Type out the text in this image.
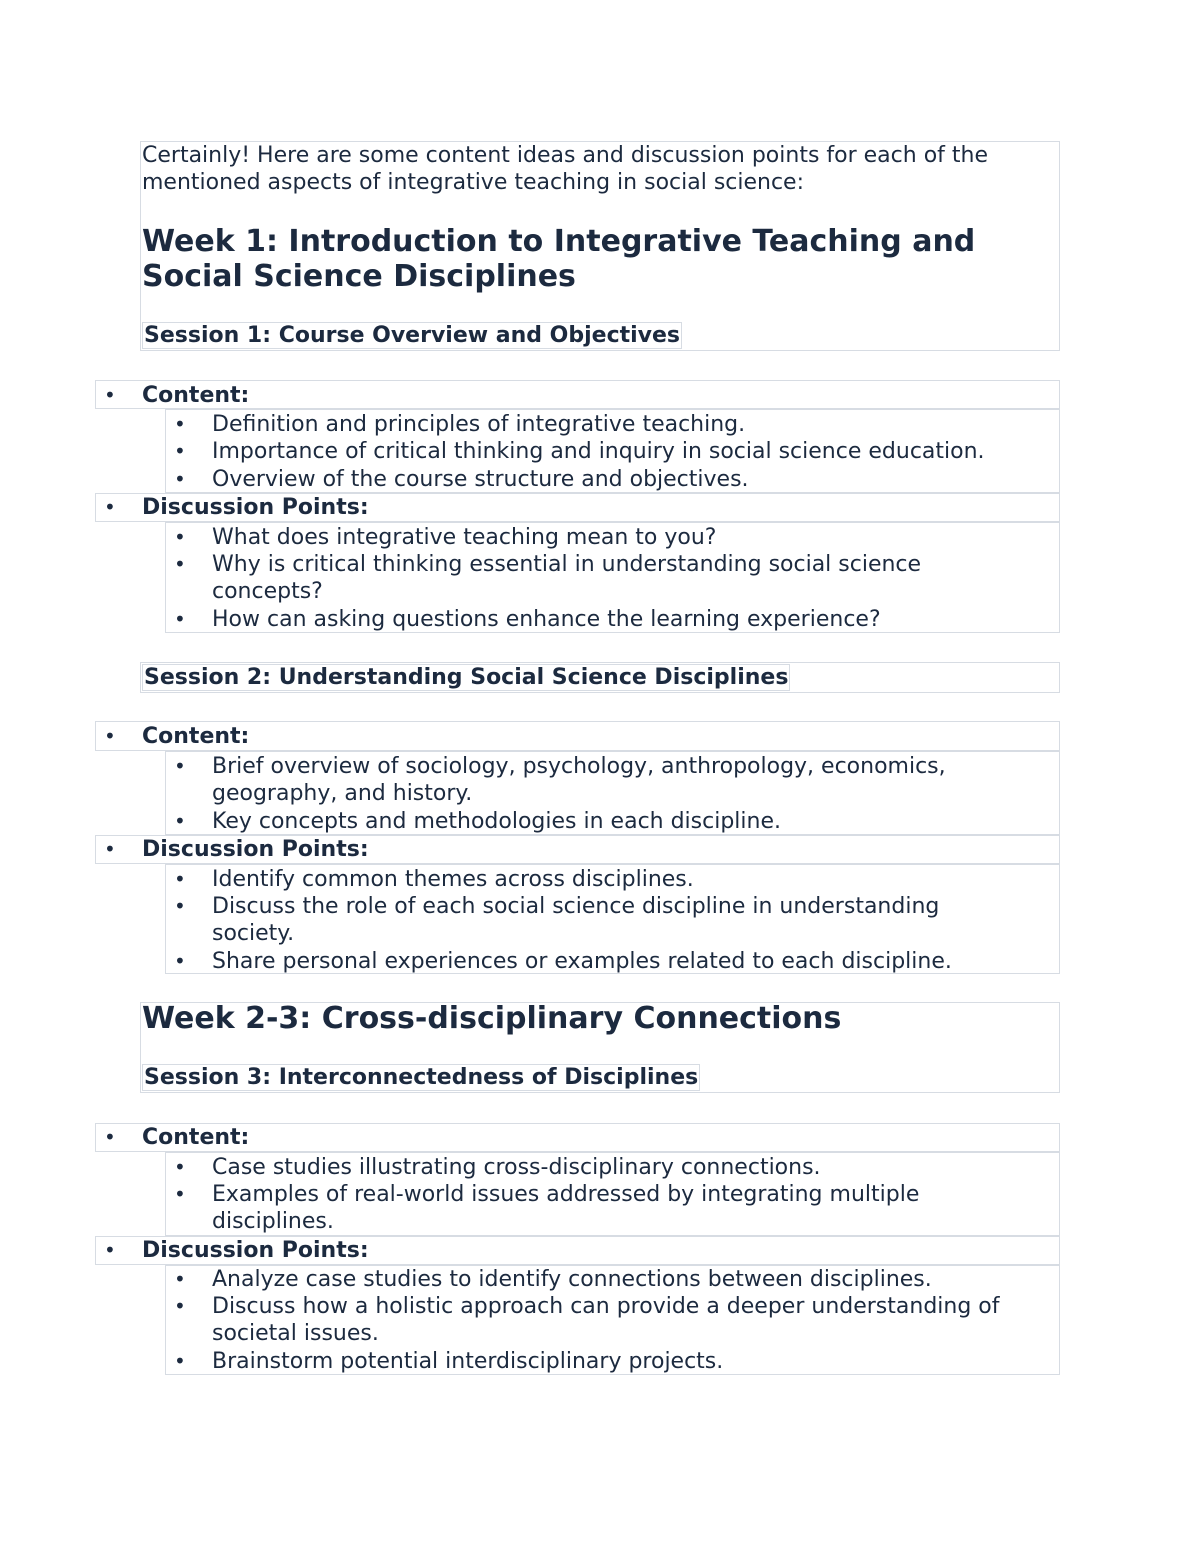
Certainly! Here are some content ideas and discussion points for each of the
mentioned aspects of integrative teaching in social science:
Week 1: Introduction to Integrative Teaching and
Social Science Disciplines
Session 1: Course Overview and Objectives
• Content:
• Definition and principles of integrative teaching.
• Importance of critical thinking and inquiry in social science education.
• Overview of the course structure and objectives.
• Discussion Points:
• What does integrative teaching mean to you?
• Why is critical thinking essential in understanding social science
concepts?
• How can asking questions enhance the learning experience?
Session 2: Understanding Social Science Disciplines
• Content:
• Brief overview of sociology, psychology, anthropology, economics,
geography, and history.
• Key concepts and methodologies in each discipline.
• Discussion Points:
• Identify common themes across disciplines.
• Discuss the role of each social science discipline in understanding
society.
• Share personal experiences or examples related to each discipline.
Week 2-3: Cross-disciplinary Connections
Session 3: Interconnectedness of Disciplines
• Content:
• Case studies illustrating cross-disciplinary connections.
• Examples of real-world issues addressed by integrating multiple
disciplines.
• Discussion Points:
• Analyze case studies to identify connections between disciplines.
• Discuss how a holistic approach can provide a deeper understanding of
societal issues.
• Brainstorm potential interdisciplinary projects.
